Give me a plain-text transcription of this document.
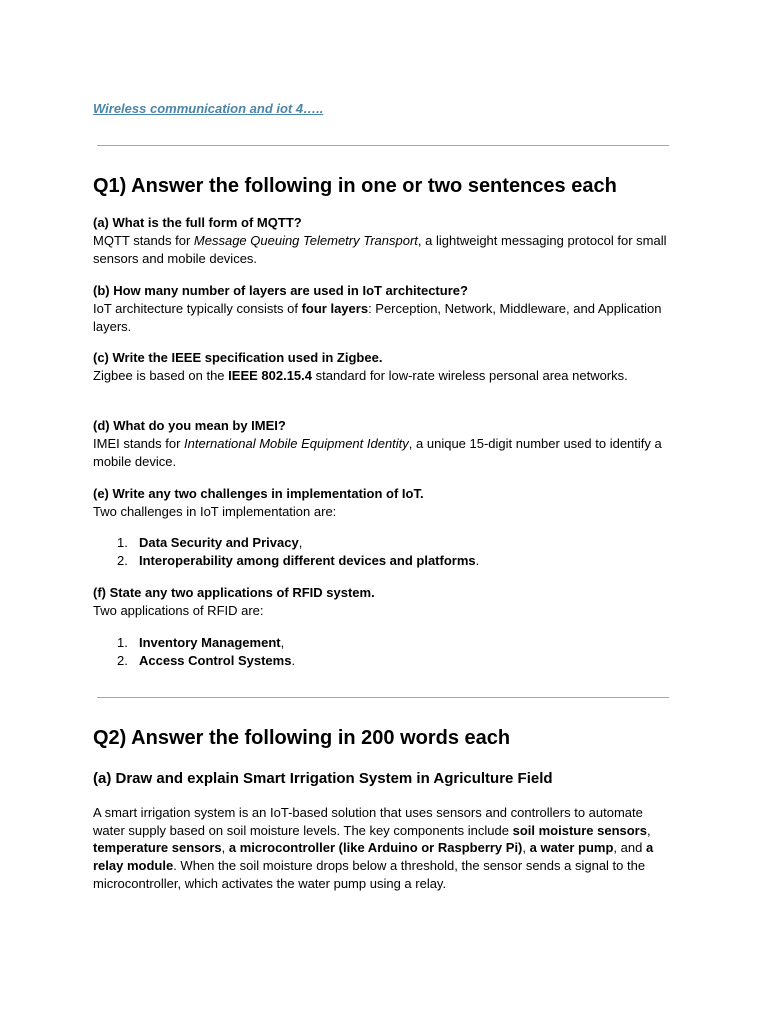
Wireless communication and iot 4…..
Q1) Answer the following in one or two sentences each
(a) What is the full form of MQTT?
MQTT stands for Message Queuing Telemetry Transport, a lightweight messaging protocol for small sensors and mobile devices.
(b) How many number of layers are used in IoT architecture?
IoT architecture typically consists of four layers: Perception, Network, Middleware, and Application layers.
(c) Write the IEEE specification used in Zigbee.
Zigbee is based on the IEEE 802.15.4 standard for low-rate wireless personal area networks.
(d) What do you mean by IMEI?
IMEI stands for International Mobile Equipment Identity, a unique 15-digit number used to identify a mobile device.
(e) Write any two challenges in implementation of IoT.
Two challenges in IoT implementation are:
1. Data Security and Privacy,
2. Interoperability among different devices and platforms.
(f) State any two applications of RFID system.
Two applications of RFID are:
1. Inventory Management,
2. Access Control Systems.
Q2) Answer the following in 200 words each
(a) Draw and explain Smart Irrigation System in Agriculture Field

A smart irrigation system is an IoT-based solution that uses sensors and controllers to automate water supply based on soil moisture levels. The key components include soil moisture sensors, temperature sensors, a microcontroller (like Arduino or Raspberry Pi), a water pump, and a relay module. When the soil moisture drops below a threshold, the sensor sends a signal to the microcontroller, which activates the water pump using a relay.
